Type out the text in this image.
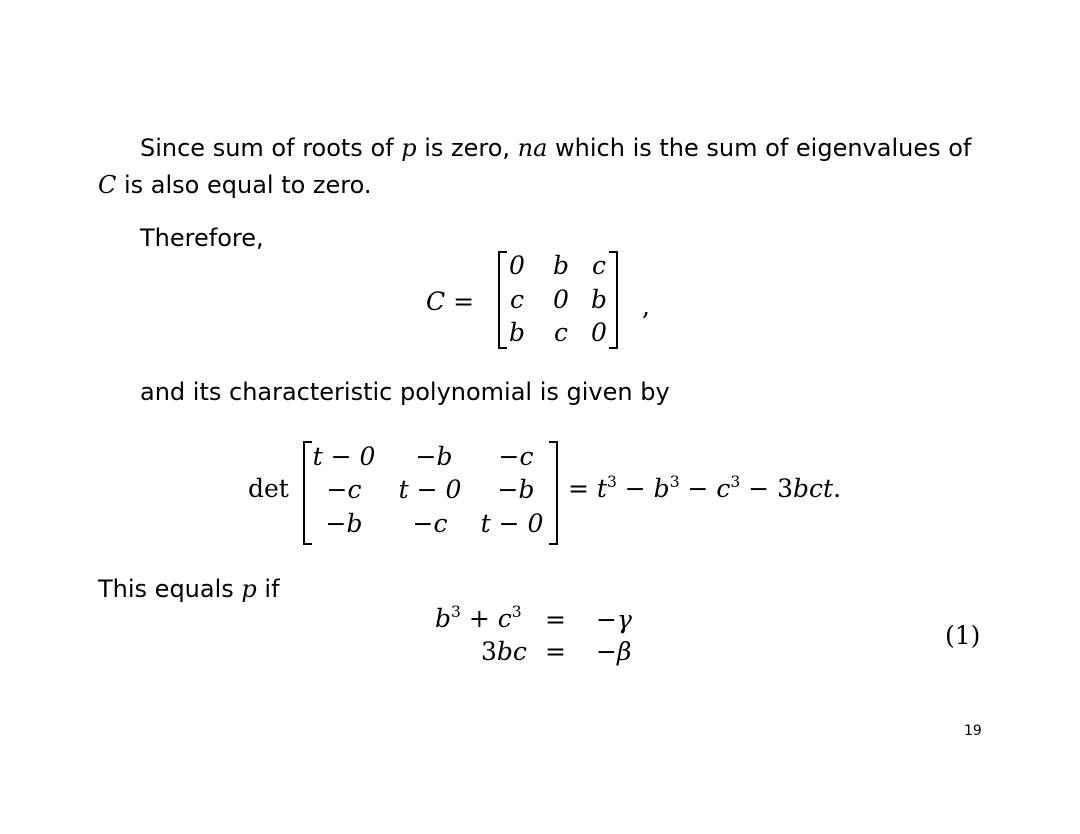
Since sum of roots of p is zero, na which is the sum of eigenvalues of
C is also equal to zero.
Therefore,
C =
0 b c
c 0 b
b c 0
,
and its characteristic polynomial is given by
det
t − 0	−b	−c
−c	t − 0	−b
−b	−c	t − 0
= $t^3 - b^3 - c^3 - 3bct$.
This equals p if
$b^3 + c^3 = -\gamma$
3bc = −β
(1)
19
